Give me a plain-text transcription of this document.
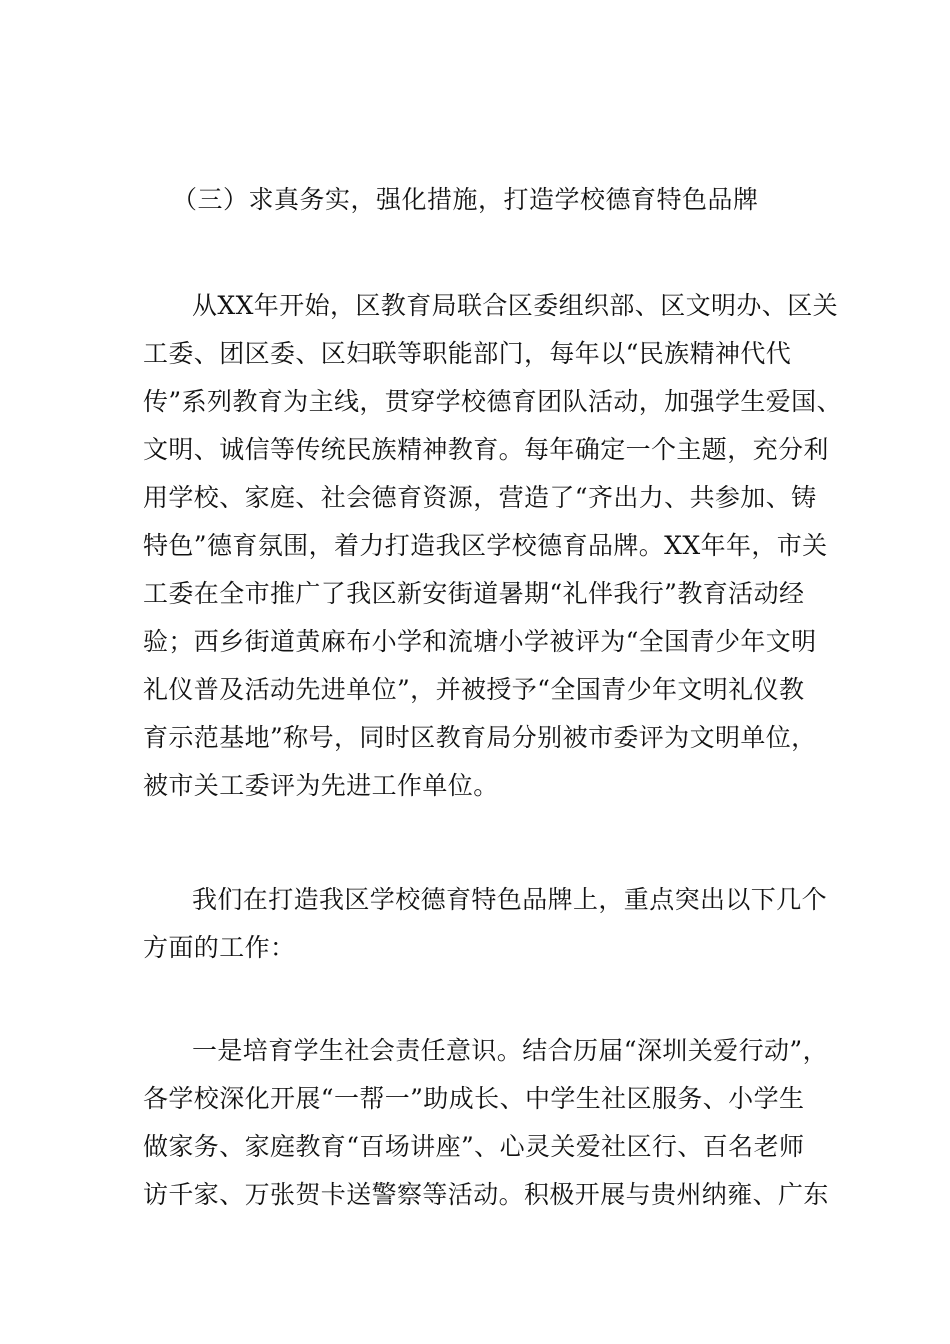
（三）求真务实，强化措施，打造学校德育特色品牌
从XX年开始，区教育局联合区委组织部、区文明办、区关
工委、团区委、区妇联等职能部门，每年以“民族精神代代
传”系列教育为主线，贯穿学校德育团队活动，加强学生爱国、
文明、诚信等传统民族精神教育。每年确定一个主题，充分利
用学校、家庭、社会德育资源，营造了“齐出力、共参加、铸
特色”德育氛围，着力打造我区学校德育品牌。XX年年，市关
工委在全市推广了我区新安街道暑期“礼伴我行”教育活动经
验；西乡街道黄麻布小学和流塘小学被评为“全国青少年文明
礼仪普及活动先进单位”，并被授予“全国青少年文明礼仪教
育示范基地”称号，同时区教育局分别被市委评为文明单位，
被市关工委评为先进工作单位。
我们在打造我区学校德育特色品牌上，重点突出以下几个
方面的工作：
一是培育学生社会责任意识。结合历届“深圳关爱行动”，
各学校深化开展“一帮一”助成长、中学生社区服务、小学生
做家务、家庭教育“百场讲座”、心灵关爱社区行、百名老师
访千家、万张贺卡送警察等活动。积极开展与贵州纳雍、广东
